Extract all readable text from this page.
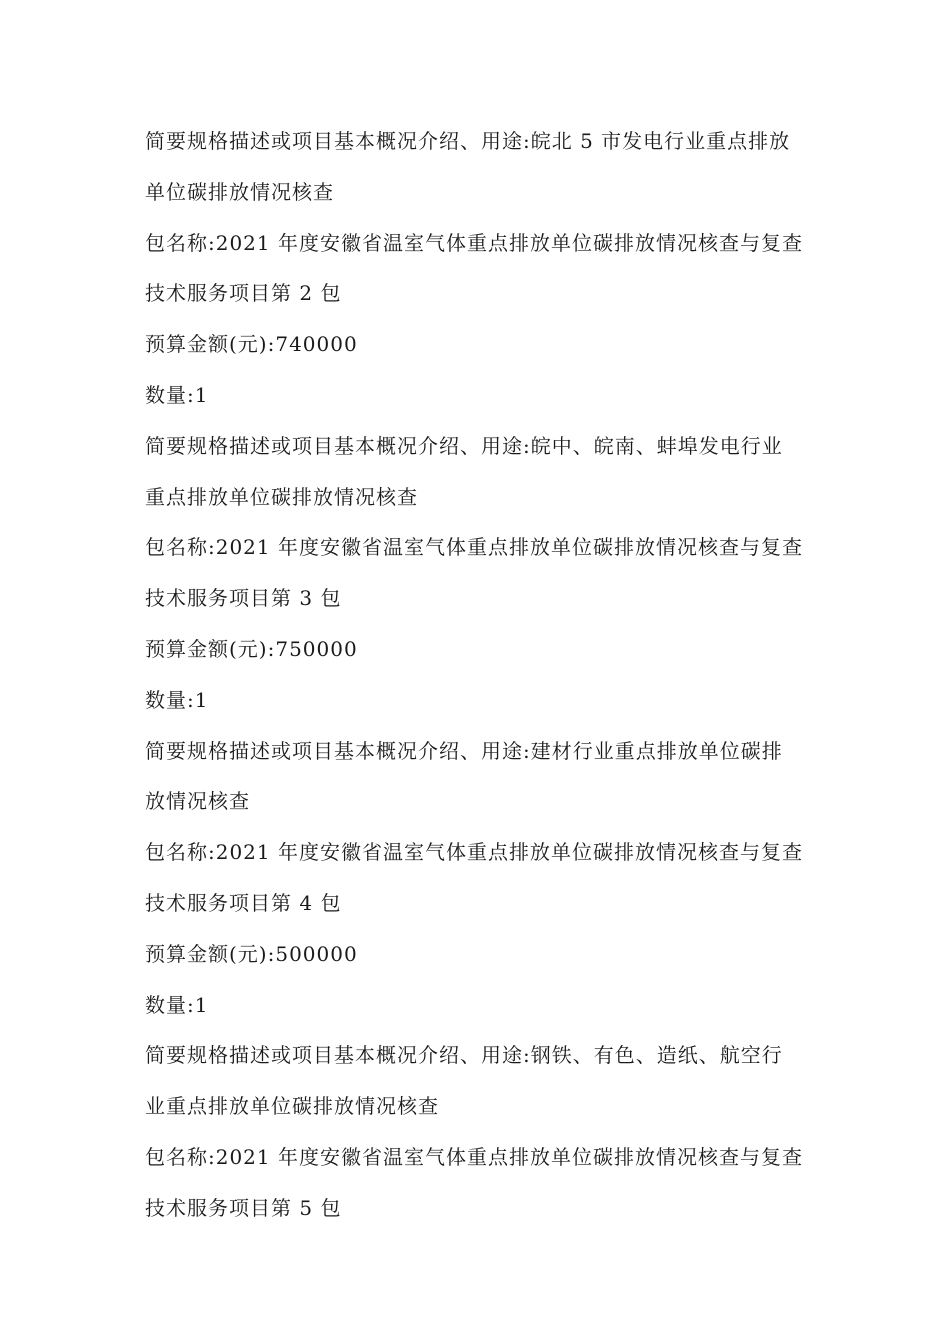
简要规格描述或项目基本概况介绍、用途:皖北 5 市发电行业重点排放
单位碳排放情况核查
包名称:2021 年度安徽省温室气体重点排放单位碳排放情况核查与复查
技术服务项目第 2 包
预算金额(元):740000
数量:1
简要规格描述或项目基本概况介绍、用途:皖中、皖南、蚌埠发电行业
重点排放单位碳排放情况核查
包名称:2021 年度安徽省温室气体重点排放单位碳排放情况核查与复查
技术服务项目第 3 包
预算金额(元):750000
数量:1
简要规格描述或项目基本概况介绍、用途:建材行业重点排放单位碳排
放情况核查
包名称:2021 年度安徽省温室气体重点排放单位碳排放情况核查与复查
技术服务项目第 4 包
预算金额(元):500000
数量:1
简要规格描述或项目基本概况介绍、用途:钢铁、有色、造纸、航空行
业重点排放单位碳排放情况核查
包名称:2021 年度安徽省温室气体重点排放单位碳排放情况核查与复查
技术服务项目第 5 包
